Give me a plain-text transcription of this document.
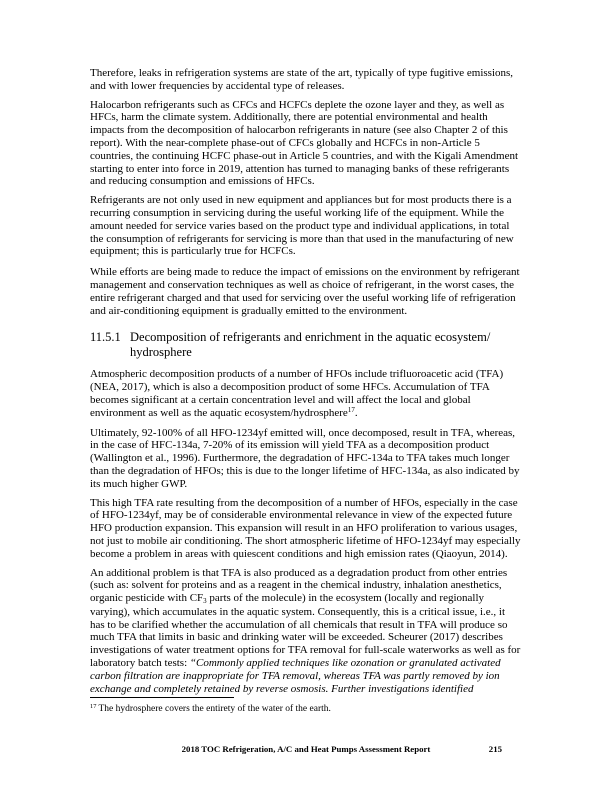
Therefore, leaks in refrigeration systems are state of the art, typically of type fugitive emissions, and with lower frequencies by accidental type of releases.

Halocarbon refrigerants such as CFCs and HCFCs deplete the ozone layer and they, as well as HFCs, harm the climate system. Additionally, there are potential environmental and health impacts from the decomposition of halocarbon refrigerants in nature (see also Chapter 2 of this report). With the near-complete phase-out of CFCs globally and HCFCs in non-Article 5 countries, the continuing HCFC phase-out in Article 5 countries, and with the Kigali Amendment starting to enter into force in 2019, attention has turned to managing banks of these refrigerants and reducing consumption and emissions of HFCs.

Refrigerants are not only used in new equipment and appliances but for most products there is a recurring consumption in servicing during the useful working life of the equipment. While the amount needed for service varies based on the product type and individual applications, in total the consumption of refrigerants for servicing is more than that used in the manufacturing of new equipment; this is particularly true for HCFCs.

While efforts are being made to reduce the impact of emissions on the environment by refrigerant management and conservation techniques as well as choice of refrigerant, in the worst cases, the entire refrigerant charged and that used for servicing over the useful working life of refrigeration and air-conditioning equipment is gradually emitted to the environment.

11.5.1 Decomposition of refrigerants and enrichment in the aquatic ecosystem/
hydrosphere

Atmospheric decomposition products of a number of HFOs include trifluoroacetic acid (TFA) (NEA, 2017), which is also a decomposition product of some HFCs. Accumulation of TFA becomes significant at a certain concentration level and will affect the local and global environment as well as the aquatic ecosystem/hydrosphere$^{17}$.

Ultimately, 92-100% of all HFO-1234yf emitted will, once decomposed, result in TFA, whereas, in the case of HFC-134a, 7-20% of its emission will yield TFA as a decomposition product (Wallington et al., 1996). Furthermore, the degradation of HFC-134a to TFA takes much longer than the degradation of HFOs; this is due to the longer lifetime of HFC-134a, as also indicated by its much higher GWP.

This high TFA rate resulting from the decomposition of a number of HFOs, especially in the case of HFO-1234yf, may be of considerable environmental relevance in view of the expected future HFO production expansion. This expansion will result in an HFO proliferation to various usages, not just to mobile air conditioning. The short atmospheric lifetime of HFO-1234yf may especially become a problem in areas with quiescent conditions and high emission rates (Qiaoyun, 2014).

An additional problem is that TFA is also produced as a degradation product from other entries (such as: solvent for proteins and as a reagent in the chemical industry, inhalation anesthetics, organic pesticide with CF3 parts of the molecule) in the ecosystem (locally and regionally varying), which accumulates in the aquatic system. Consequently, this is a critical issue, i.e., it has to be clarified whether the accumulation of all chemicals that result in TFA will produce so much TFA that limits in basic and drinking water will be exceeded. Scheurer (2017) describes investigations of water treatment options for TFA removal for full-scale waterworks as well as for laboratory batch tests: “Commonly applied techniques like ozonation or granulated activated carbon filtration are inappropriate for TFA removal, whereas TFA was partly removed by ion exchange and completely retained by reverse osmosis. Further investigations identified

$^{17}$ The hydrosphere covers the entirety of the water of the earth.
2018 TOC Refrigeration, A/C and Heat Pumps Assessment Report	215
